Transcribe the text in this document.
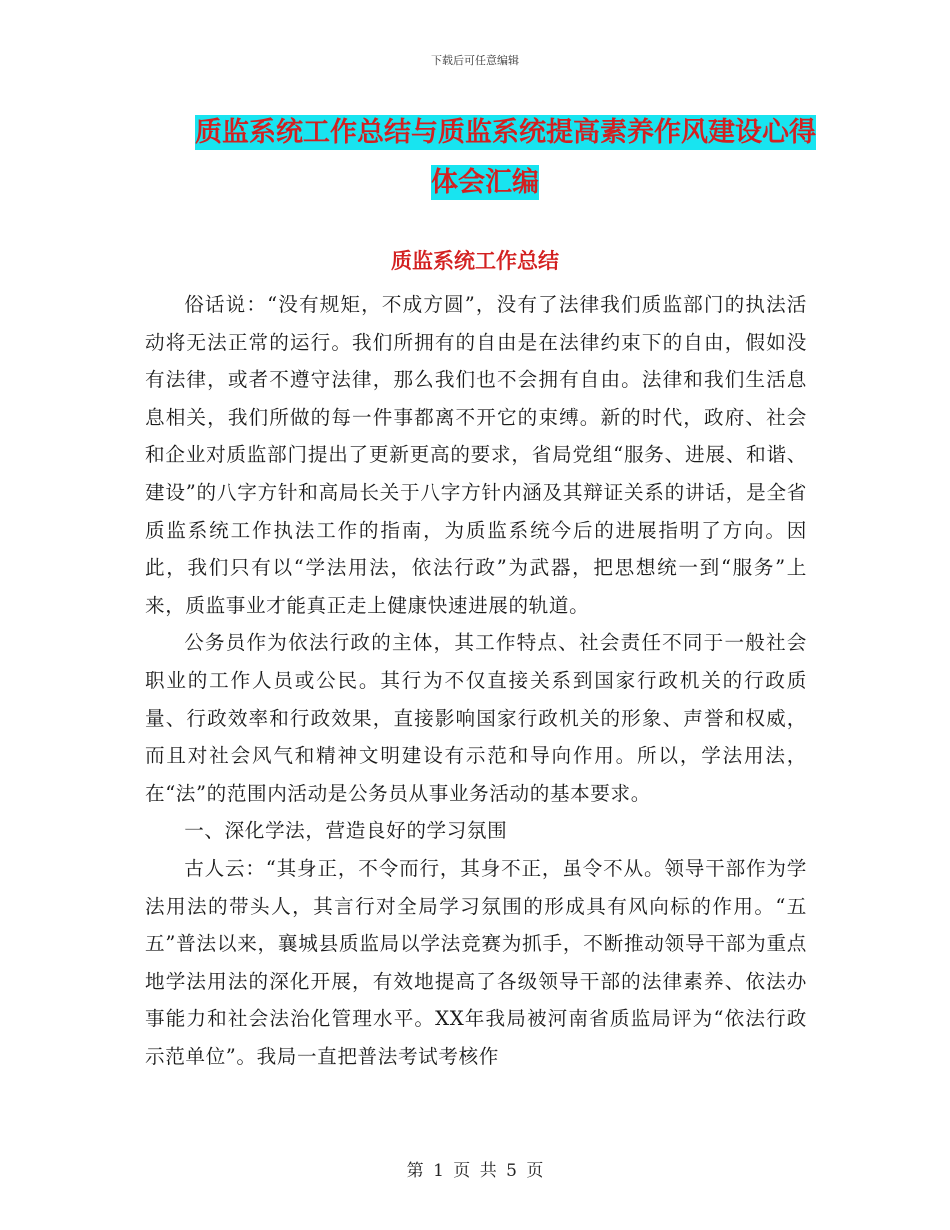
下载后可任意编辑
质监系统工作总结与质监系统提高素养作风建设心得
体会汇编
质监系统工作总结

俗话说：“没有规矩，不成方圆”，没有了法律我们质监部门的执法活动将无法正常的运行。我们所拥有的自由是在法律约束下的自由，假如没有法律，或者不遵守法律，那么我们也不会拥有自由。法律和我们生活息息相关，我们所做的每一件事都离不开它的束缚。新的时代，政府、社会和企业对质监部门提出了更新更高的要求，省局党组“服务、进展、和谐、建设”的八字方针和高局长关于八字方针内涵及其辩证关系的讲话，是全省质监系统工作执法工作的指南，为质监系统今后的进展指明了方向。因此，我们只有以“学法用法，依法行政”为武器，把思想统一到“服务”上来，质监事业才能真正走上健康快速进展的轨道。

公务员作为依法行政的主体，其工作特点、社会责任不同于一般社会职业的工作人员或公民。其行为不仅直接关系到国家行政机关的行政质量、行政效率和行政效果，直接影响国家行政机关的形象、声誉和权威，而且对社会风气和精神文明建设有示范和导向作用。所以，学法用法，在“法”的范围内活动是公务员从事业务活动的基本要求。

一、深化学法，营造良好的学习氛围

古人云：“其身正，不令而行，其身不正，虽令不从。领导干部作为学法用法的带头人，其言行对全局学习氛围的形成具有风向标的作用。“五五”普法以来，襄城县质监局以学法竞赛为抓手，不断推动领导干部为重点地学法用法的深化开展，有效地提高了各级领导干部的法律素养、依法办事能力和社会法治化管理水平。XX年我局被河南省质监局评为“依法行政示范单位”。我局一直把普法考试考核作

第 1 页 共 5 页
